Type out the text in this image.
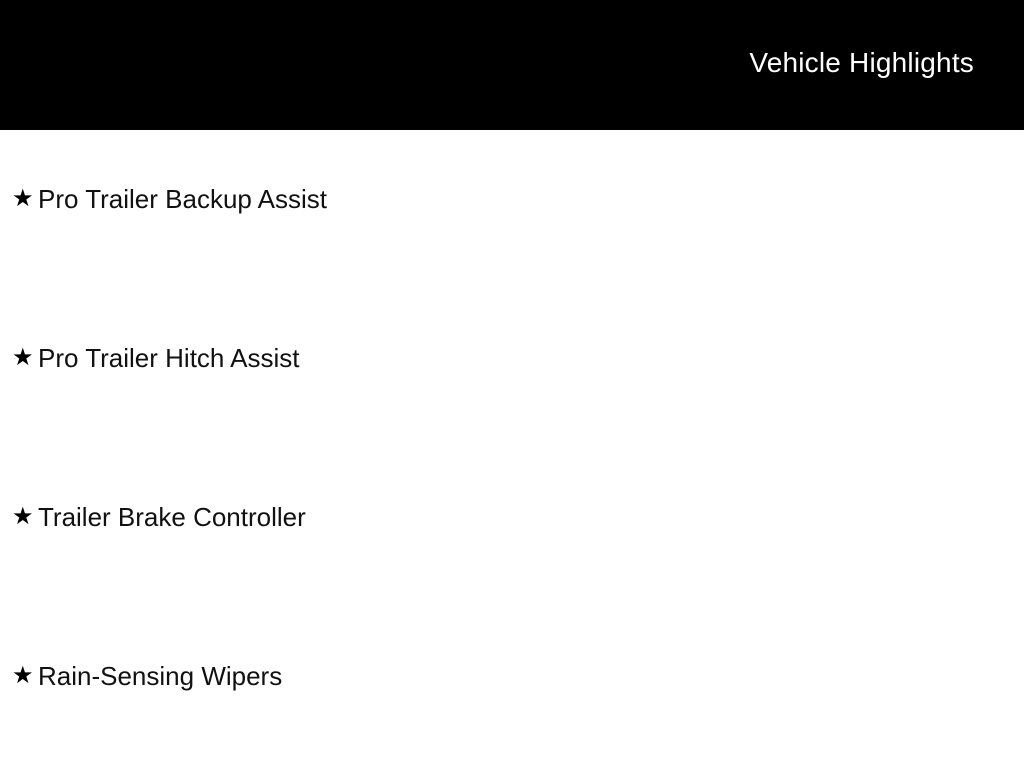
Vehicle Highlights
★ Pro Trailer Backup Assist
★ Pro Trailer Hitch Assist
★ Trailer Brake Controller
★ Rain-Sensing Wipers
